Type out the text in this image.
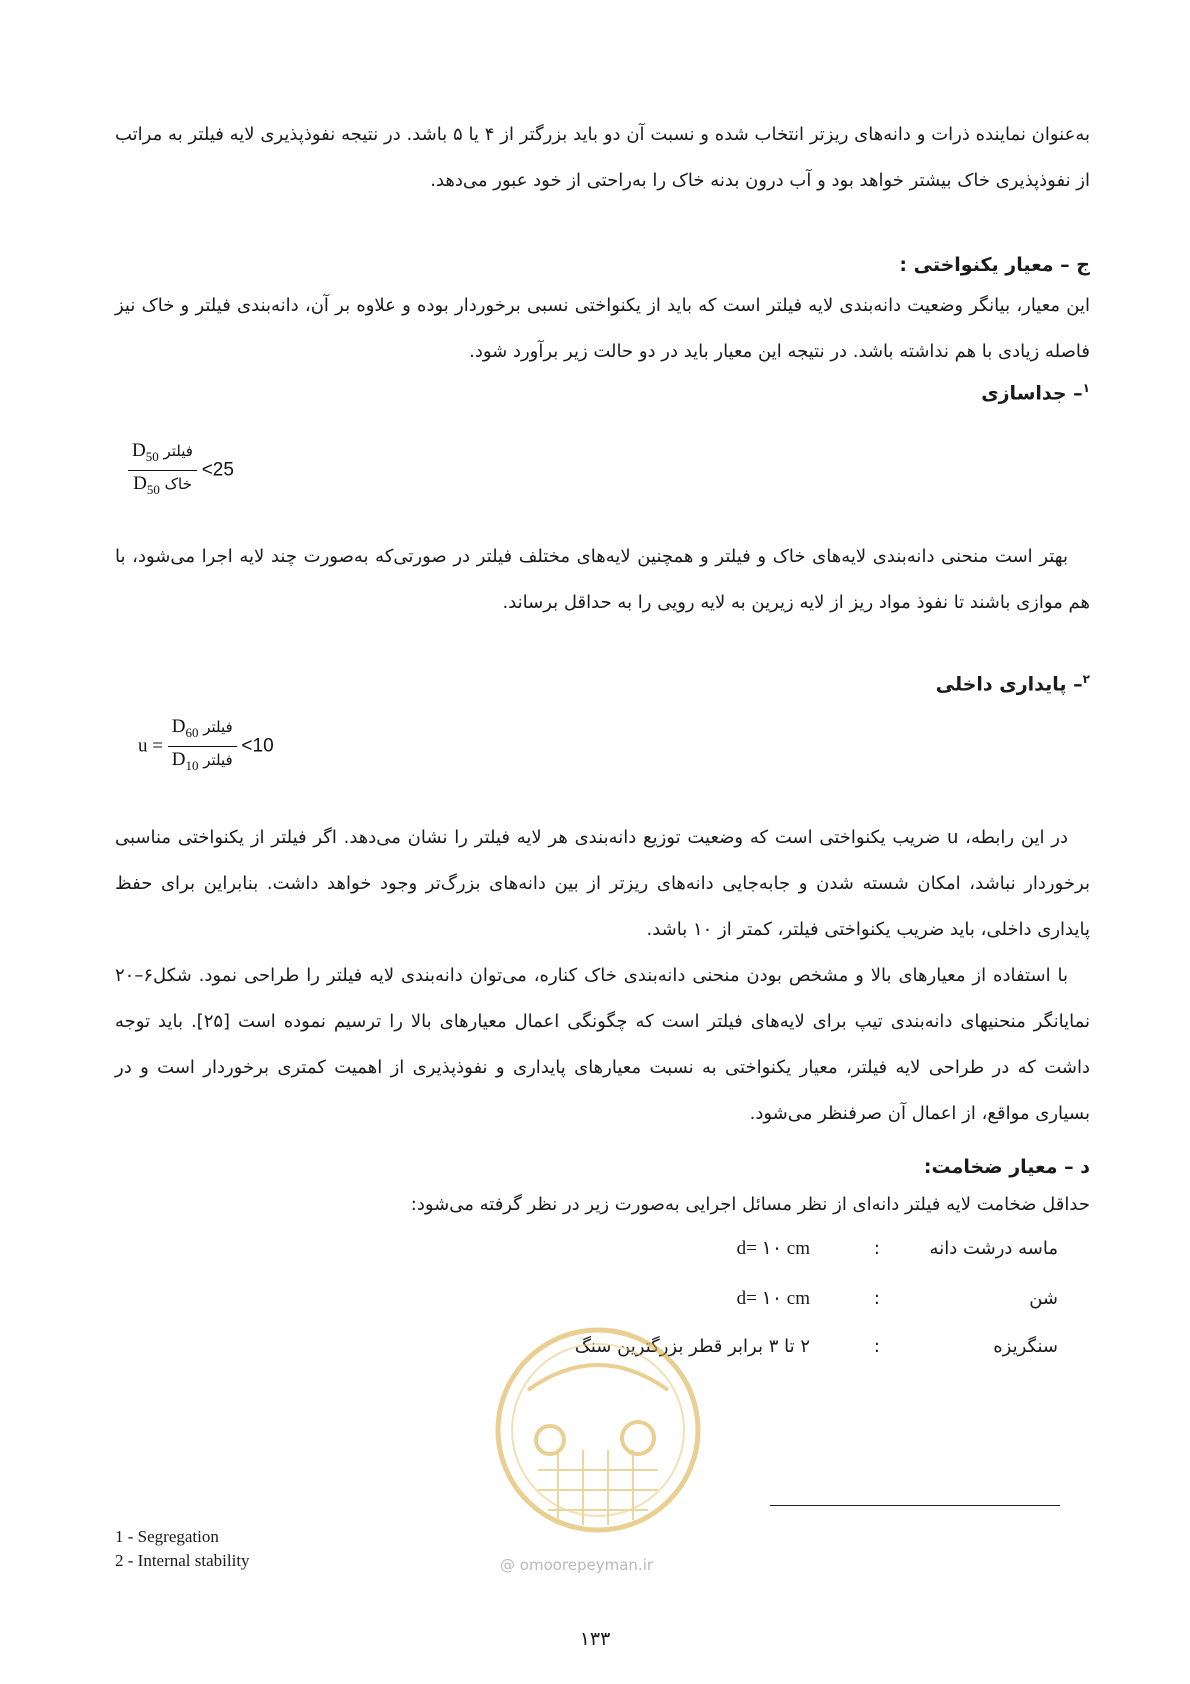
به‌عنوان نماینده ذرات و دانه‌های ریزتر انتخاب شده و نسبت آن دو باید بزرگتر از ۴ یا ۵ باشد. در نتیجه نفوذپذیری لایه فیلتر به مراتب از نفوذپذیری خاک بیشتر خواهد بود و آب درون بدنه خاک را به‌راحتی از خود عبور می‌دهد.

ج – معیار یکنواختی :

این معیار، بیانگر وضعیت دانه‌بندی لایه فیلتر است که باید از یکنواختی نسبی برخوردار بوده و علاوه بر آن، دانه‌بندی فیلتر و خاک نیز فاصله زیادی با هم نداشته باشد. در نتیجه این معیار باید در دو حالت زیر برآورد شود.

$^۱$– جداسازی
$\frac{D_{50} فیلتر}{D_{50} خاک} <25$

بهتر است منحنی دانه‌بندی لایه‌های خاک و فیلتر و همچنین لایه‌های مختلف فیلتر در صورتی‌که به‌صورت چند لایه اجرا می‌شود، با هم موازی باشند تا نفوذ مواد ریز از لایه زیرین به لایه رویی را به حداقل برساند.

$^۲$– پایداری داخلی
$u = \frac{D_{60} فیلتر}{D_{10} فیلتر} <10$

در این رابطه، u ضریب یکنواختی است که وضعیت توزیع دانه‌بندی هر لایه فیلتر را نشان می‌دهد. اگر فیلتر از یکنواختی مناسبی برخوردار نباشد، امکان شسته شدن و جابه‌جایی دانه‌های ریزتر از بین دانه‌های بزرگ‌تر وجود خواهد داشت. بنابراین برای حفظ پایداری داخلی، باید ضریب یکنواختی فیلتر، کمتر از ۱۰ باشد.

با استفاده از معیارهای بالا و مشخص بودن منحنی دانه‌بندی خاک کناره، می‌توان دانه‌بندی لایه فیلتر را طراحی نمود. شکل۶–۲۰ نمایانگر منحنیهای دانه‌بندی تیپ برای لایه‌های فیلتر است که چگونگی اعمال معیارهای بالا را ترسیم نموده است [۲۵]. باید توجه داشت که در طراحی لایه فیلتر، معیار یکنواختی به نسبت معیارهای پایداری و نفوذپذیری از اهمیت کمتری برخوردار است و در بسیاری مواقع، از اعمال آن صرفنظر می‌شود.

د – معیار ضخامت:
حداقل ضخامت لایه فیلتر دانه‌ای از نظر مسائل اجرایی به‌صورت زیر در نظر گرفته می‌شود:
ماسه درشت دانه
:
d= ۱۰ cm
شن
:
d= ۱۰ cm
سنگریزه
:
۲ تا ۳ برابر قطر بزرگترین سنگ
@ omoorepeyman.ir
1 - Segregation
2 - Internal stability
۱۳۳
